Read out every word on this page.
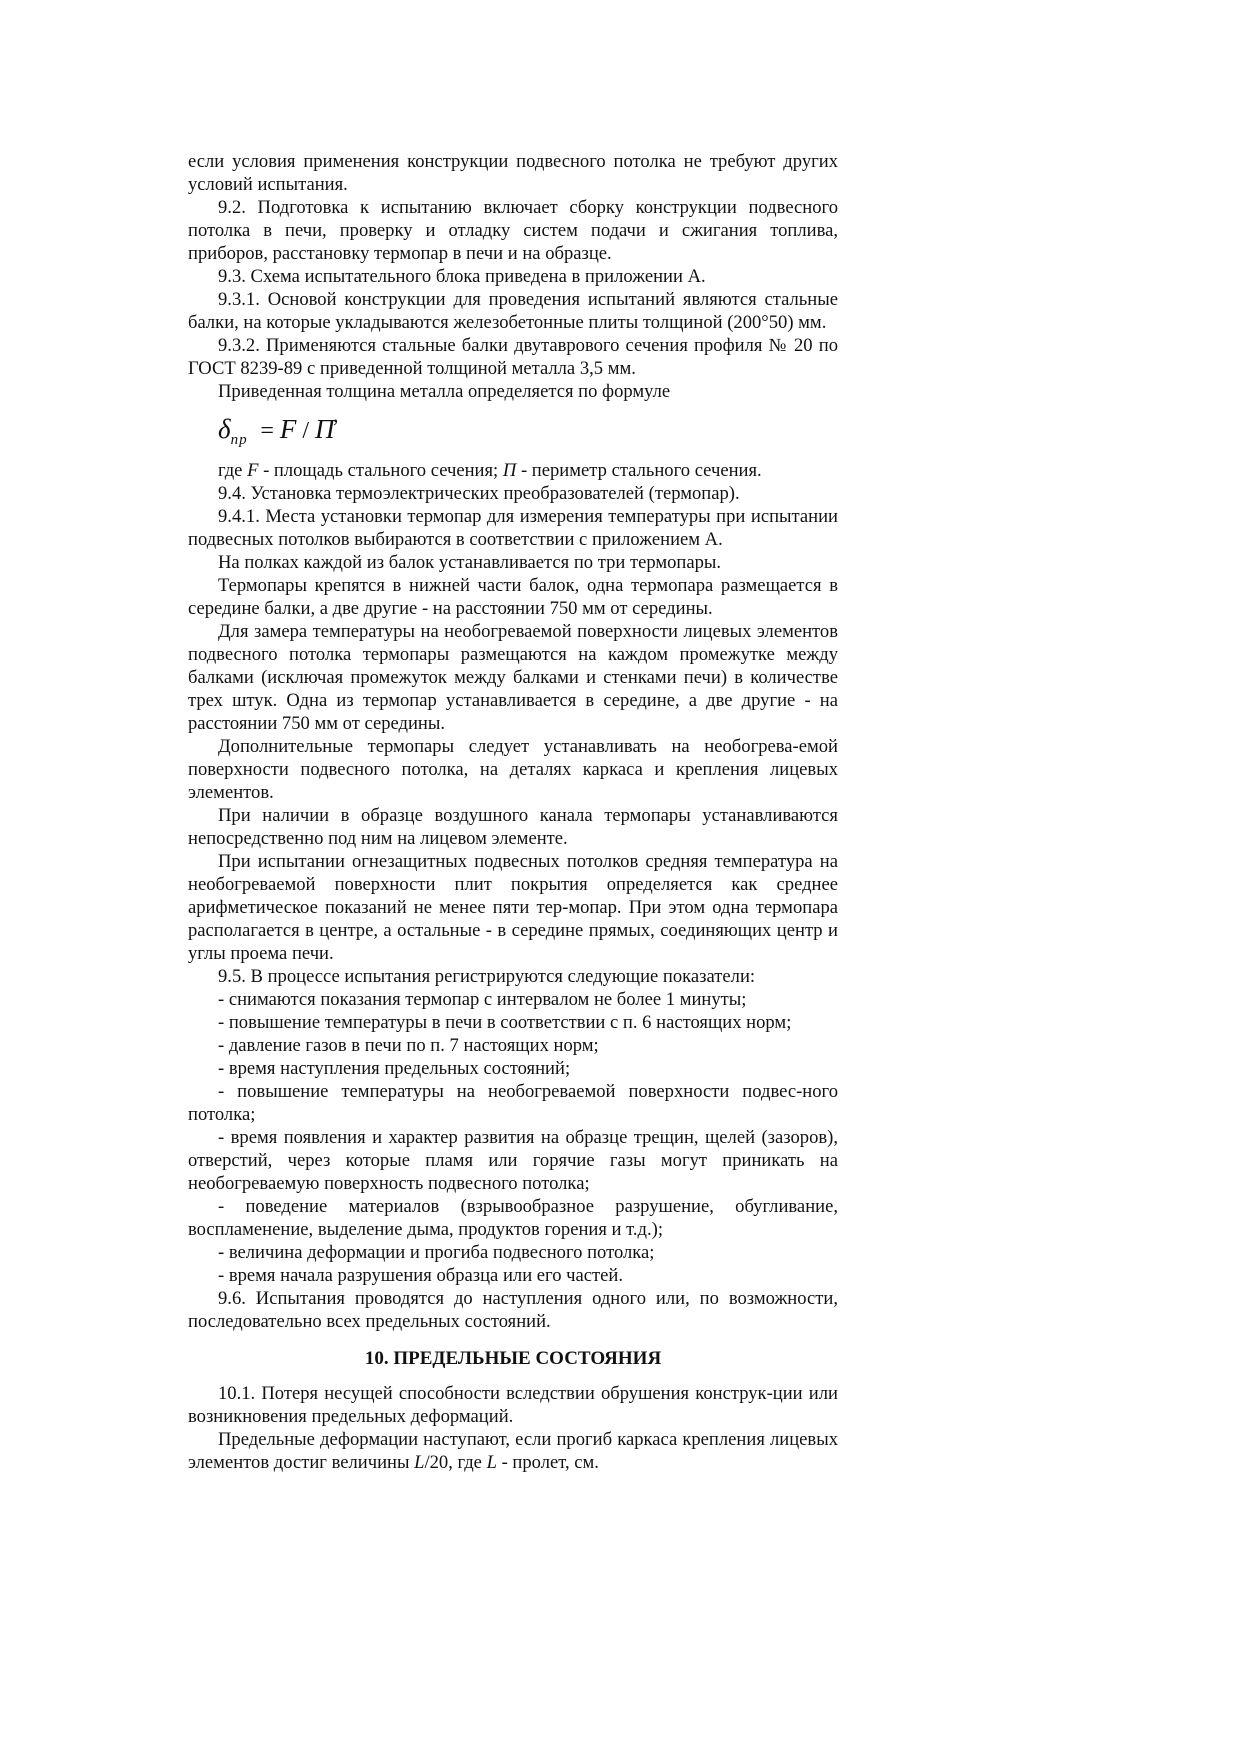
если условия применения конструкции подвесного потолка не требуют других условий испытания.

9.2. Подготовка к испытанию включает сборку конструкции подвесного потолка в печи, проверку и отладку систем подачи и сжигания топлива, приборов, расстановку термопар в печи и на образце.

9.3. Схема испытательного блока приведена в приложении А.

9.3.1. Основой конструкции для проведения испытаний являются стальные балки, на которые укладываются железобетонные плиты толщиной (200°50) мм.

9.3.2. Применяются стальные балки двутаврового сечения профиля № 20 по ГОСТ 8239-89 с приведенной толщиной металла 3,5 мм.

Приведенная толщина металла определяется по формуле

$\delta_{пр} = F / П$
,

где F - площадь стального сечения; П - периметр стального сечения.

9.4. Установка термоэлектрических преобразователей (термопар).

9.4.1. Места установки термопар для измерения температуры при испытании подвесных потолков выбираются в соответствии с приложением А.

На полках каждой из балок устанавливается по три термопары.

Термопары крепятся в нижней части балок, одна термопара размещается в середине балки, а две другие - на расстоянии 750 мм от середины.

Для замера температуры на необогреваемой поверхности лицевых элементов подвесного потолка термопары размещаются на каждом промежутке между балками (исключая промежуток между балками и стенками печи) в количестве трех штук. Одна из термопар устанавливается в середине, а две другие - на расстоянии 750 мм от середины.

Дополнительные термопары следует устанавливать на необогрева-емой поверхности подвесного потолка, на деталях каркаса и крепления лицевых элементов.

При наличии в образце воздушного канала термопары устанавливаются непосредственно под ним на лицевом элементе.

При испытании огнезащитных подвесных потолков средняя температура на необогреваемой поверхности плит покрытия определяется как среднее арифметическое показаний не менее пяти тер-мопар. При этом одна термопара располагается в центре, а остальные - в середине прямых, соединяющих центр и углы проема печи.

9.5. В процессе испытания регистрируются следующие показатели:

- снимаются показания термопар с интервалом не более 1 минуты;

- повышение температуры в печи в соответствии с п. 6 настоящих норм;

- давление газов в печи по п. 7 настоящих норм;

- время наступления предельных состояний;

- повышение температуры на необогреваемой поверхности подвес-ного потолка;

- время появления и характер развития на образце трещин, щелей (зазоров), отверстий, через которые пламя или горячие газы могут приникать на необогреваемую поверхность подвесного потолка;

- поведение материалов (взрывообразное разрушение, обугливание, воспламенение, выделение дыма, продуктов горения и т.д.);

- величина деформации и прогиба подвесного потолка;

- время начала разрушения образца или его частей.

9.6. Испытания проводятся до наступления одного или, по возможности, последовательно всех предельных состояний.

10. ПРЕДЕЛЬНЫЕ СОСТОЯНИЯ

10.1. Потеря несущей способности вследствии обрушения конструк-ции или возникновения предельных деформаций.

Предельные деформации наступают, если прогиб каркаса крепления лицевых элементов достиг величины L/20, где L - пролет, см.
